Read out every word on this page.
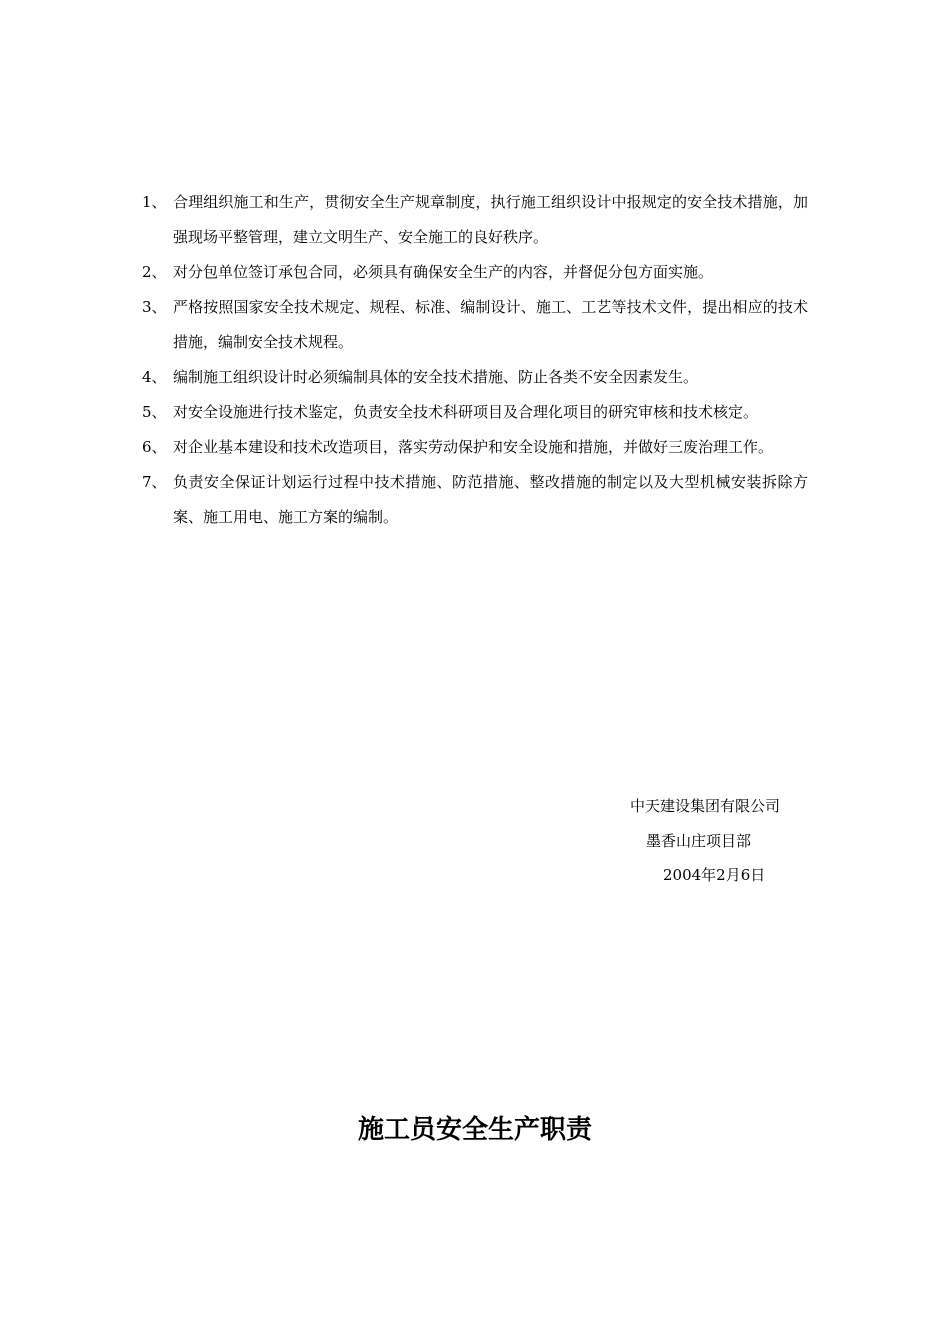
1、 合理组织施工和生产，贯彻安全生产规章制度，执行施工组织设计中报规定的安全技术措施，加强现场平整管理，建立文明生产、安全施工的良好秩序。
2、 对分包单位签订承包合同，必须具有确保安全生产的内容，并督促分包方面实施。
3、 严格按照国家安全技术规定、规程、标准、编制设计、施工、工艺等技术文件，提出相应的技术措施，编制安全技术规程。
4、 编制施工组织设计时必须编制具体的安全技术措施、防止各类不安全因素发生。
5、 对安全设施进行技术鉴定，负责安全技术科研项目及合理化项目的研究审核和技术核定。
6、 对企业基本建设和技术改造项目，落实劳动保护和安全设施和措施，并做好三废治理工作。
7、 负责安全保证计划运行过程中技术措施、防范措施、整改措施的制定以及大型机械安装拆除方案、施工用电、施工方案的编制。
中天建设集团有限公司
墨香山庄项目部
2004年2月6日
施工员安全生产职责
